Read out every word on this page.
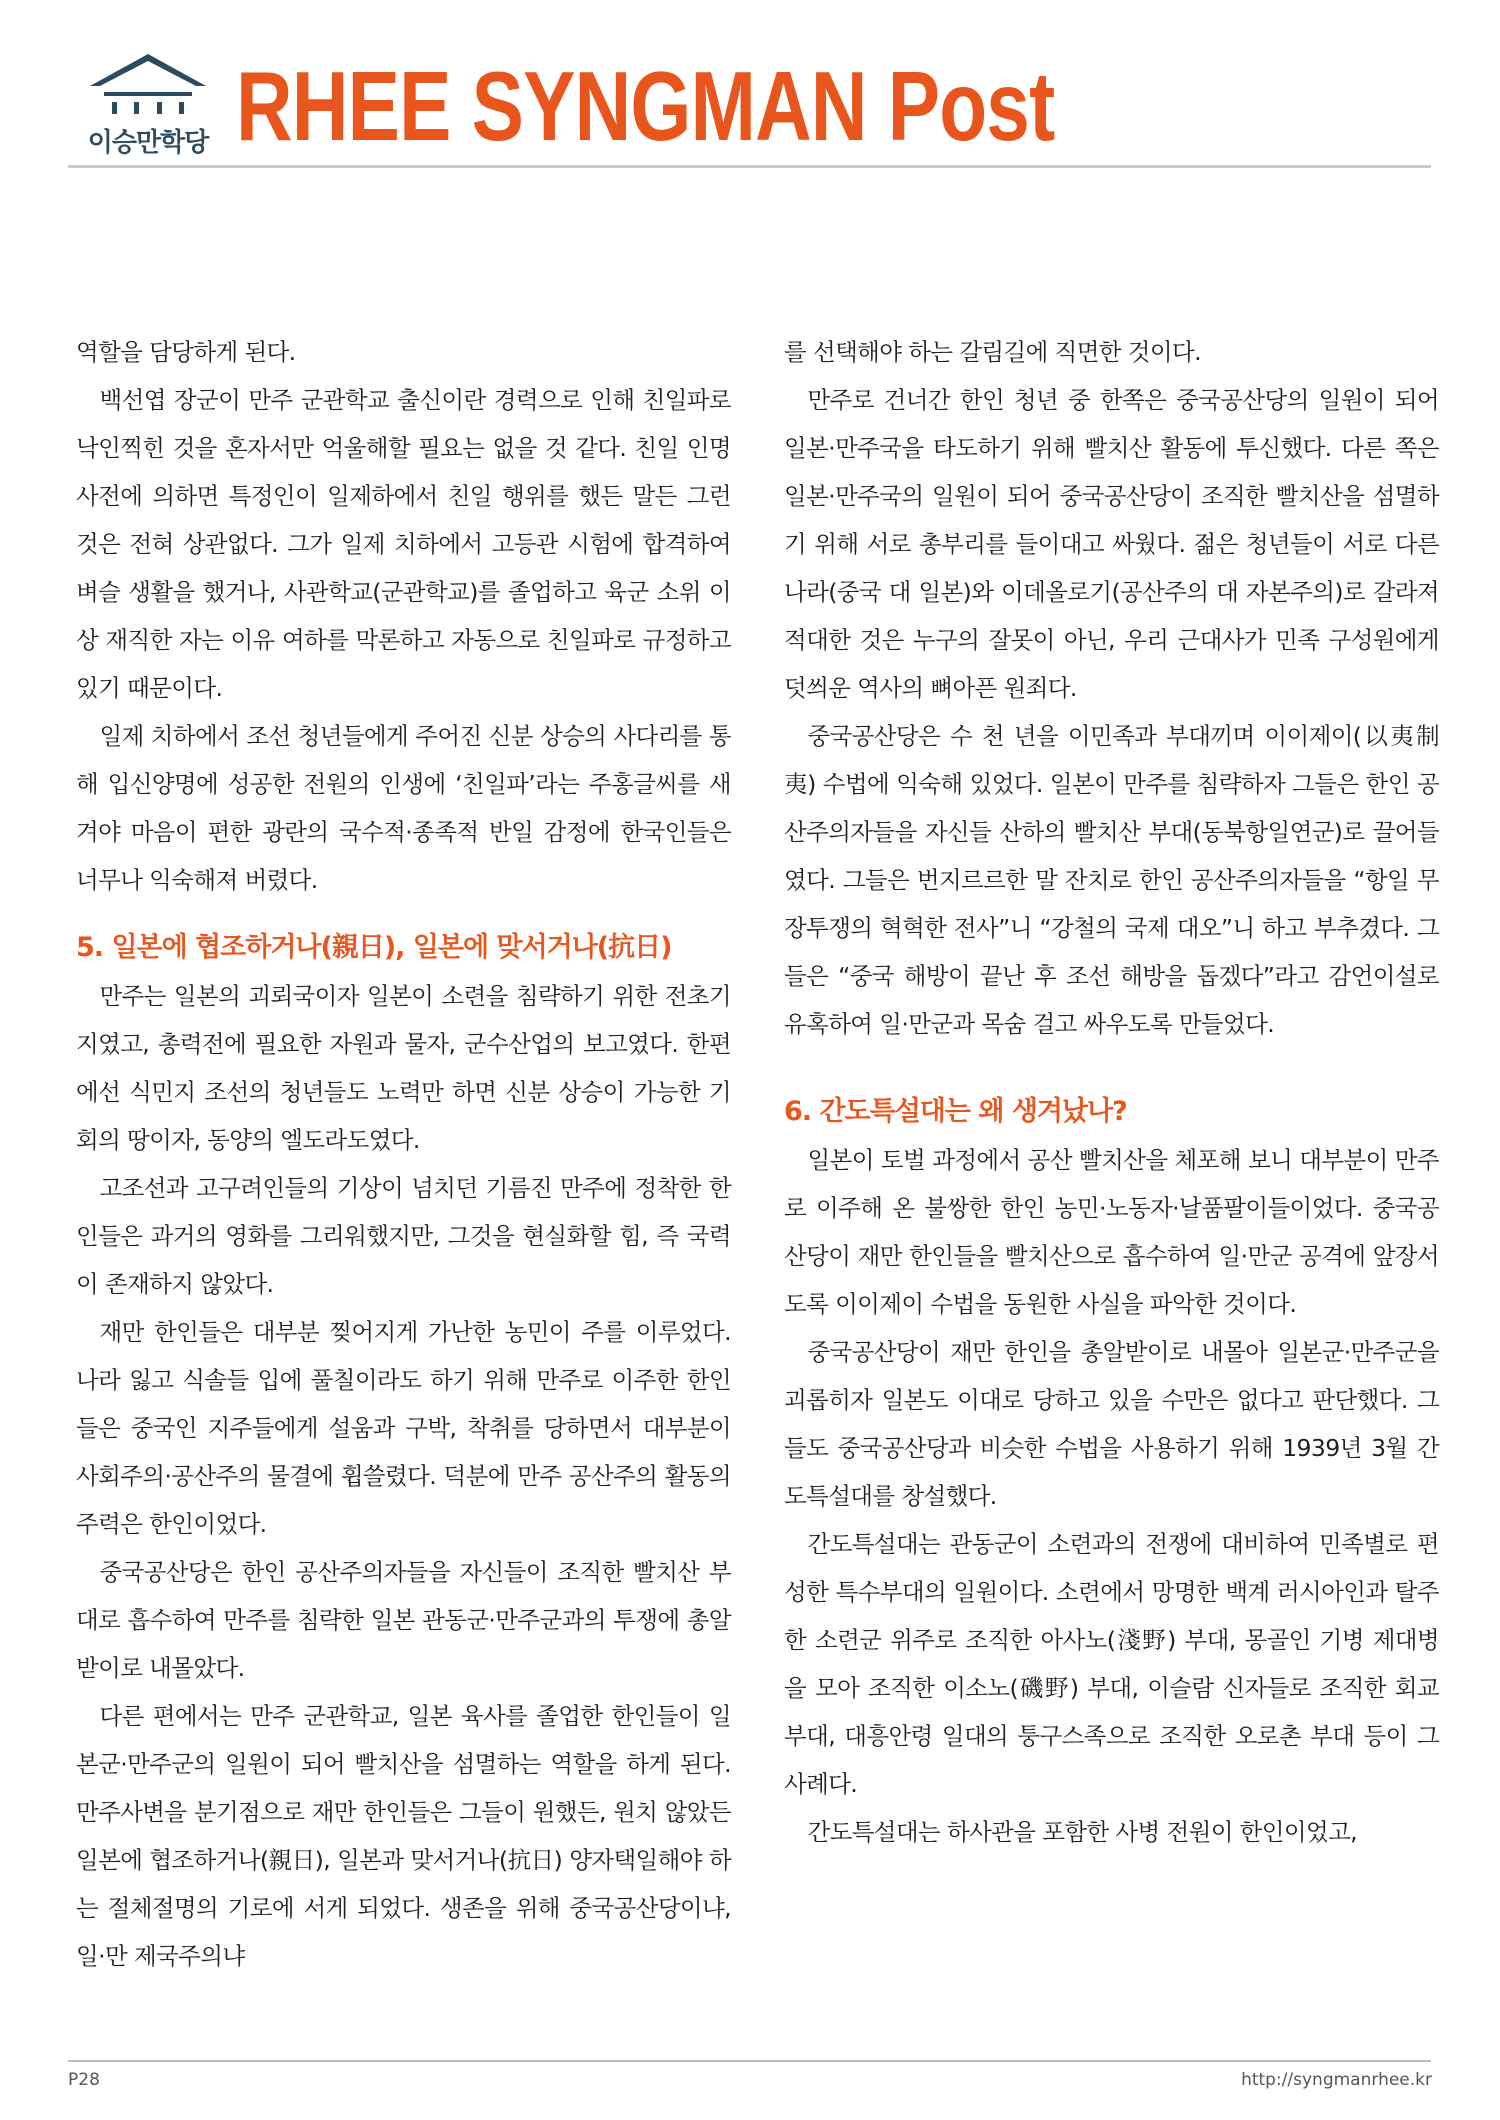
이승만학당 RHEE SYNGMAN Post

역할을 담당하게 된다.

백선엽 장군이 만주 군관학교 출신이란 경력으로 인해 친일파로 낙인찍힌 것을 혼자서만 억울해할 필요는 없을 것 같다. 친일 인명사전에 의하면 특정인이 일제하에서 친일 행위를 했든 말든 그런 것은 전혀 상관없다. 그가 일제 치하에서 고등관 시험에 합격하여 벼슬 생활을 했거나, 사관학교(군관학교)를 졸업하고 육군 소위 이상 재직한 자는 이유 여하를 막론하고 자동으로 친일파로 규정하고 있기 때문이다.

일제 치하에서 조선 청년들에게 주어진 신분 상승의 사다리를 통해 입신양명에 성공한 전원의 인생에 ‘친일파’라는 주홍글씨를 새겨야 마음이 편한 광란의 국수적·종족적 반일 감정에 한국인들은 너무나 익숙해져 버렸다.

5. 일본에 협조하거나(親日), 일본에 맞서거나(抗日)

만주는 일본의 괴뢰국이자 일본이 소련을 침략하기 위한 전초기지였고, 총력전에 필요한 자원과 물자, 군수산업의 보고였다. 한편에선 식민지 조선의 청년들도 노력만 하면 신분 상승이 가능한 기회의 땅이자, 동양의 엘도라도였다.

고조선과 고구려인들의 기상이 넘치던 기름진 만주에 정착한 한인들은 과거의 영화를 그리워했지만, 그것을 현실화할 힘, 즉 국력이 존재하지 않았다.

재만 한인들은 대부분 찢어지게 가난한 농민이 주를 이루었다. 나라 잃고 식솔들 입에 풀칠이라도 하기 위해 만주로 이주한 한인들은 중국인 지주들에게 설움과 구박, 착취를 당하면서 대부분이 사회주의·공산주의 물결에 휩쓸렸다. 덕분에 만주 공산주의 활동의 주력은 한인이었다.

중국공산당은 한인 공산주의자들을 자신들이 조직한 빨치산 부대로 흡수하여 만주를 침략한 일본 관동군·만주군과의 투쟁에 총알받이로 내몰았다.

다른 편에서는 만주 군관학교, 일본 육사를 졸업한 한인들이 일본군·만주군의 일원이 되어 빨치산을 섬멸하는 역할을 하게 된다. 만주사변을 분기점으로 재만 한인들은 그들이 원했든, 원치 않았든 일본에 협조하거나(親日), 일본과 맞서거나(抗日) 양자택일해야 하는 절체절명의 기로에 서게 되었다. 생존을 위해 중국공산당이냐, 일·만 제국주의냐

를 선택해야 하는 갈림길에 직면한 것이다.

만주로 건너간 한인 청년 중 한쪽은 중국공산당의 일원이 되어 일본·만주국을 타도하기 위해 빨치산 활동에 투신했다. 다른 쪽은 일본·만주국의 일원이 되어 중국공산당이 조직한 빨치산을 섬멸하기 위해 서로 총부리를 들이대고 싸웠다. 젊은 청년들이 서로 다른 나라(중국 대 일본)와 이데올로기(공산주의 대 자본주의)로 갈라져 적대한 것은 누구의 잘못이 아닌, 우리 근대사가 민족 구성원에게 덧씌운 역사의 뼈아픈 원죄다.

중국공산당은 수 천 년을 이민족과 부대끼며 이이제이(以夷制夷) 수법에 익숙해 있었다. 일본이 만주를 침략하자 그들은 한인 공산주의자들을 자신들 산하의 빨치산 부대(동북항일연군)로 끌어들였다. 그들은 번지르르한 말 잔치로 한인 공산주의자들을 “항일 무장투쟁의 혁혁한 전사”니 “강철의 국제 대오”니 하고 부추겼다. 그들은 “중국 해방이 끝난 후 조선 해방을 돕겠다”라고 감언이설로 유혹하여 일·만군과 목숨 걸고 싸우도록 만들었다.

6. 간도특설대는 왜 생겨났나?

일본이 토벌 과정에서 공산 빨치산을 체포해 보니 대부분이 만주로 이주해 온 불쌍한 한인 농민·노동자·날품팔이들이었다. 중국공산당이 재만 한인들을 빨치산으로 흡수하여 일·만군 공격에 앞장서도록 이이제이 수법을 동원한 사실을 파악한 것이다.

중국공산당이 재만 한인을 총알받이로 내몰아 일본군·만주군을 괴롭히자 일본도 이대로 당하고 있을 수만은 없다고 판단했다. 그들도 중국공산당과 비슷한 수법을 사용하기 위해 1939년 3월 간도특설대를 창설했다.

간도특설대는 관동군이 소련과의 전쟁에 대비하여 민족별로 편성한 특수부대의 일원이다. 소련에서 망명한 백계 러시아인과 탈주한 소련군 위주로 조직한 아사노(淺野) 부대, 몽골인 기병 제대병을 모아 조직한 이소노(磯野) 부대, 이슬람 신자들로 조직한 회교 부대, 대흥안령 일대의 퉁구스족으로 조직한 오로촌 부대 등이 그 사례다.

간도특설대는 하사관을 포함한 사병 전원이 한인이었고,

P28	http://syngmanrhee.kr
